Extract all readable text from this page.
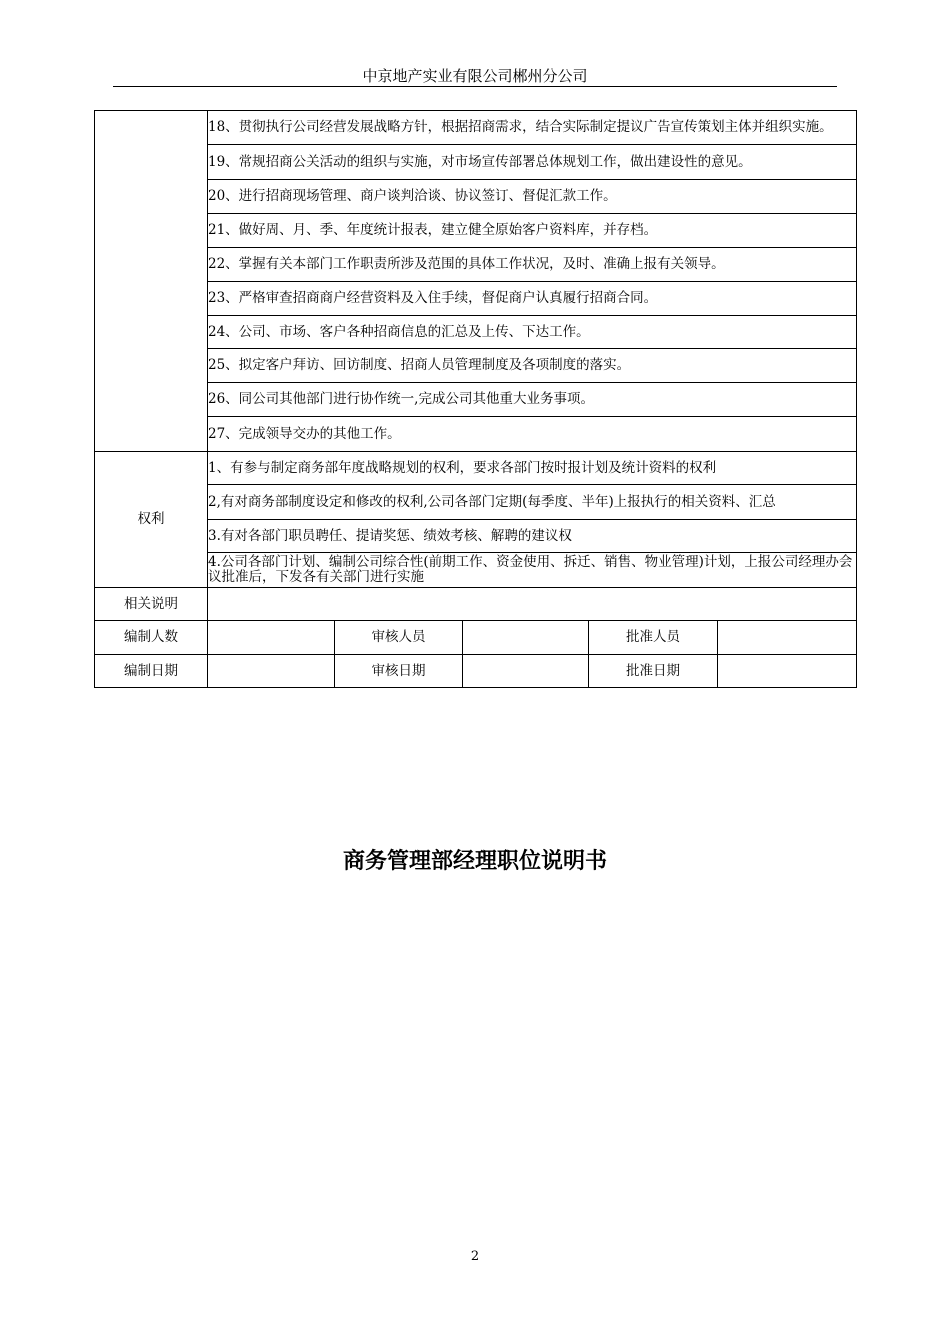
中京地产实业有限公司郴州分公司
	18、贯彻执行公司经营发展战略方针，根据招商需求，结合实际制定提议广告宣传策划主体并组织实施。				
	19、常规招商公关活动的组织与实施，对市场宣传部署总体规划工作，做出建设性的意见。				
	20、进行招商现场管理、商户谈判洽谈、协议签订、督促汇款工作。				
	21、做好周、月、季、年度统计报表，建立健全原始客户资料库，并存档。				
	22、掌握有关本部门工作职责所涉及范围的具体工作状况，及时、准确上报有关领导。				
	23、严格审查招商商户经营资料及入住手续，督促商户认真履行招商合同。				
	24、公司、市场、客户各种招商信息的汇总及上传、下达工作。				
	25、拟定客户拜访、回访制度、招商人员管理制度及各项制度的落实。				
	26、同公司其他部门进行协作统一,完成公司其他重大业务事项。				
	27、完成领导交办的其他工作。				
权利	1、有参与制定商务部年度战略规划的权利，要求各部门按时报计划及统计资料的权利				
	2,有对商务部制度设定和修改的权利,公司各部门定期(每季度、半年)上报执行的相关资料、汇总				
	3.有对各部门职员聘任、提请奖惩、绩效考核、解聘的建议权				
	4.公司各部门计划、编制公司综合性(前期工作、资金使用、拆迁、销售、物业管理)计划，上报公司经理办会议批准后，下发各有关部门进行实施				
相关说明					
编制人数		审核人员		批准人员	
编制日期		审核日期		批准日期	
商务管理部经理职位说明书
2
